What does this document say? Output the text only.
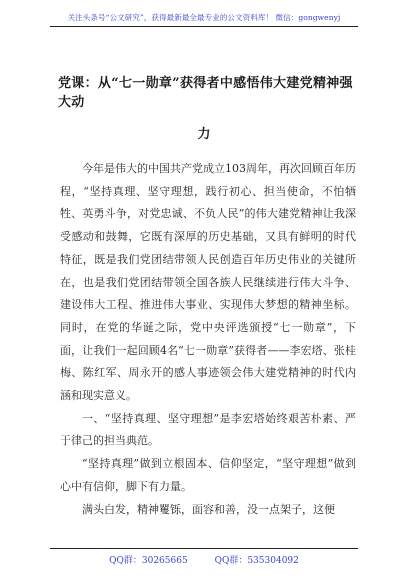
关注头条号“公文研究”，获得最新最全最专业的公文资料库！ 微信：gongwenyj
党课：从“七一勋章”获得者中感悟伟大建党精神强大动
力

今年是伟大的中国共产党成立103周年，再次回顾百年历程，“坚持真理、坚守理想，践行初心、担当使命，不怕牺牲、英勇斗争，对党忠诚、不负人民”的伟大建党精神让我深受感动和鼓舞，它既有深厚的历史基础，又具有鲜明的时代特征，既是我们党团结带领人民创造百年历史伟业的关键所在，也是我们党团结带领全国各族人民继续进行伟大斗争、建设伟大工程、推进伟大事业、实现伟大梦想的精神坐标。同时，在党的华诞之际，党中央评选颁授“七一勋章”，下面，让我们一起回顾4名“七一勋章”获得者——李宏塔、张桂梅、陈红军、周永开的感人事迹领会伟大建党精神的时代内涵和现实意义。

一、“坚持真理、坚守理想”是李宏塔始终艰苦朴素、严于律己的担当典范。

“坚持真理”做到立根固本、信仰坚定，“坚守理想”做到心中有信仰，脚下有力量。

满头白发，精神矍铄，面容和善，没一点架子，这便

QQ群：30265665	QQ群：535304092
